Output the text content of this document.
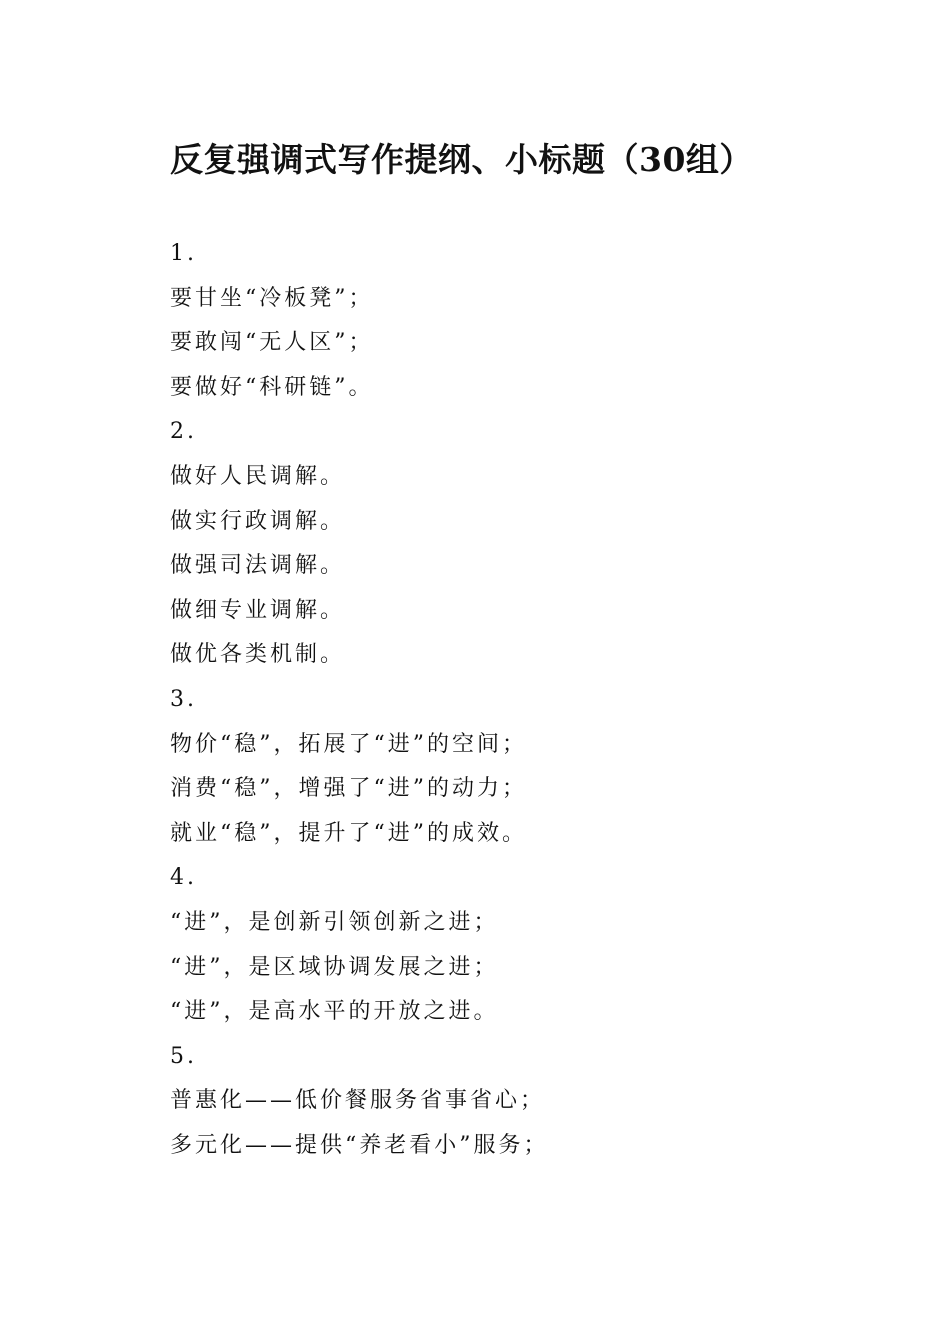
反复强调式写作提纲、小标题（30组）
1.
要甘坐“冷板凳”；
要敢闯“无人区”；
要做好“科研链”。
2.
做好人民调解。
做实行政调解。
做强司法调解。
做细专业调解。
做优各类机制。
3.
物价“稳”，拓展了“进”的空间；
消费“稳”，增强了“进”的动力；
就业“稳”，提升了“进”的成效。
4.
“进”，是创新引领创新之进；
“进”，是区域协调发展之进；
“进”，是高水平的开放之进。
5.
普惠化——低价餐服务省事省心；
多元化——提供“养老看小”服务；
